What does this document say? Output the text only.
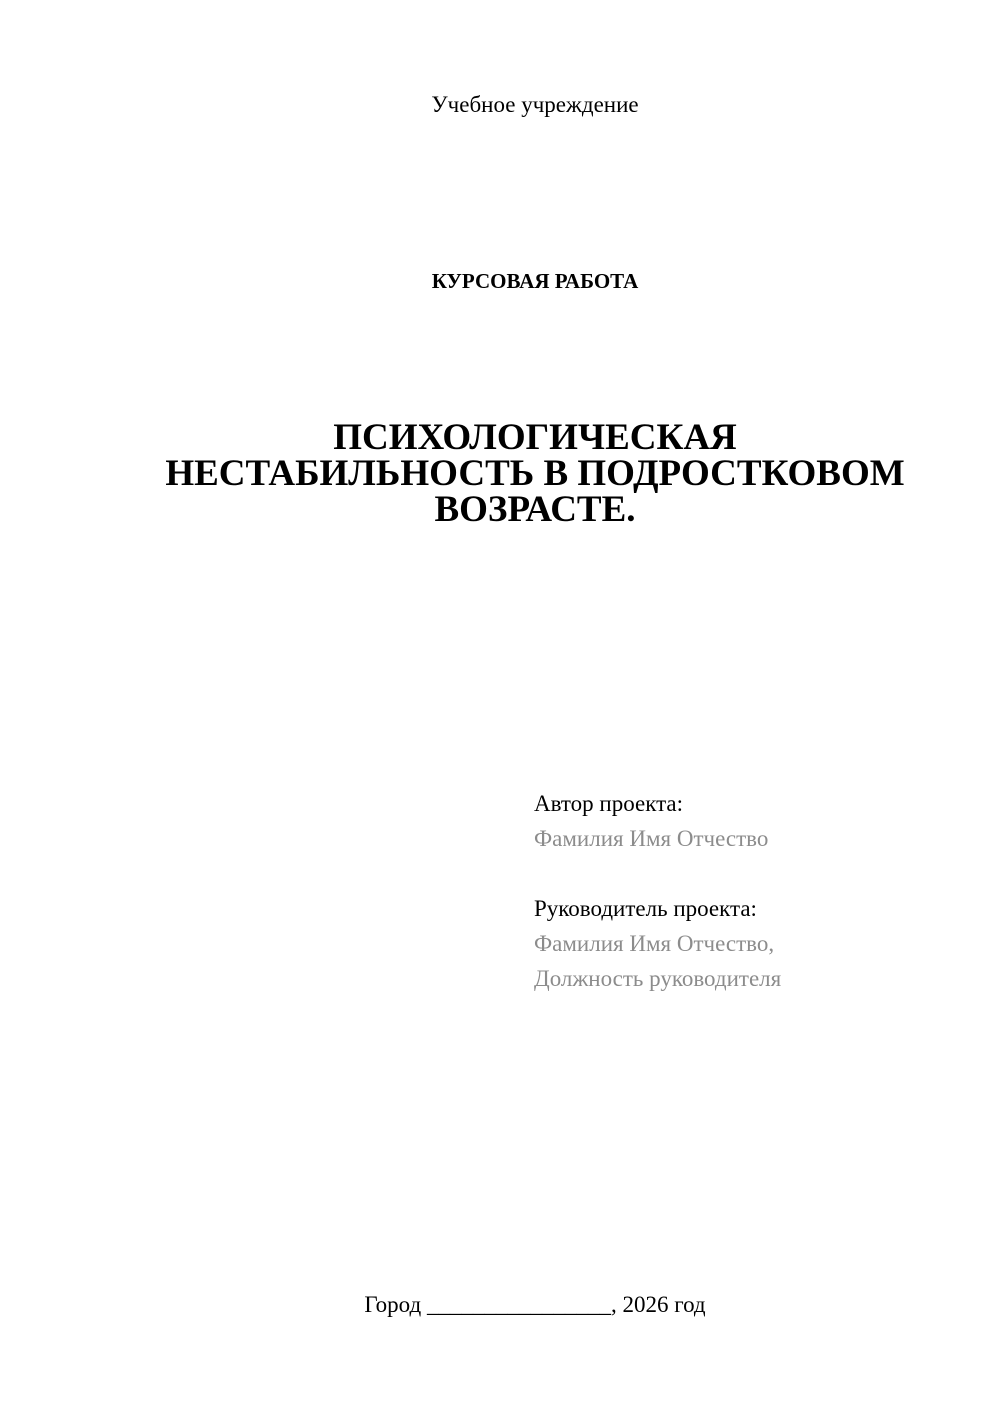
Учебное учреждение
КУРСОВАЯ РАБОТА
ПСИХОЛОГИЧЕСКАЯ
НЕСТАБИЛЬНОСТЬ В ПОДРОСТКОВОМ
ВОЗРАСТЕ.
Автор проекта:
Фамилия Имя Отчество
Руководитель проекта:
Фамилия Имя Отчество,
Должность руководителя
Город ________________, 2026 год
